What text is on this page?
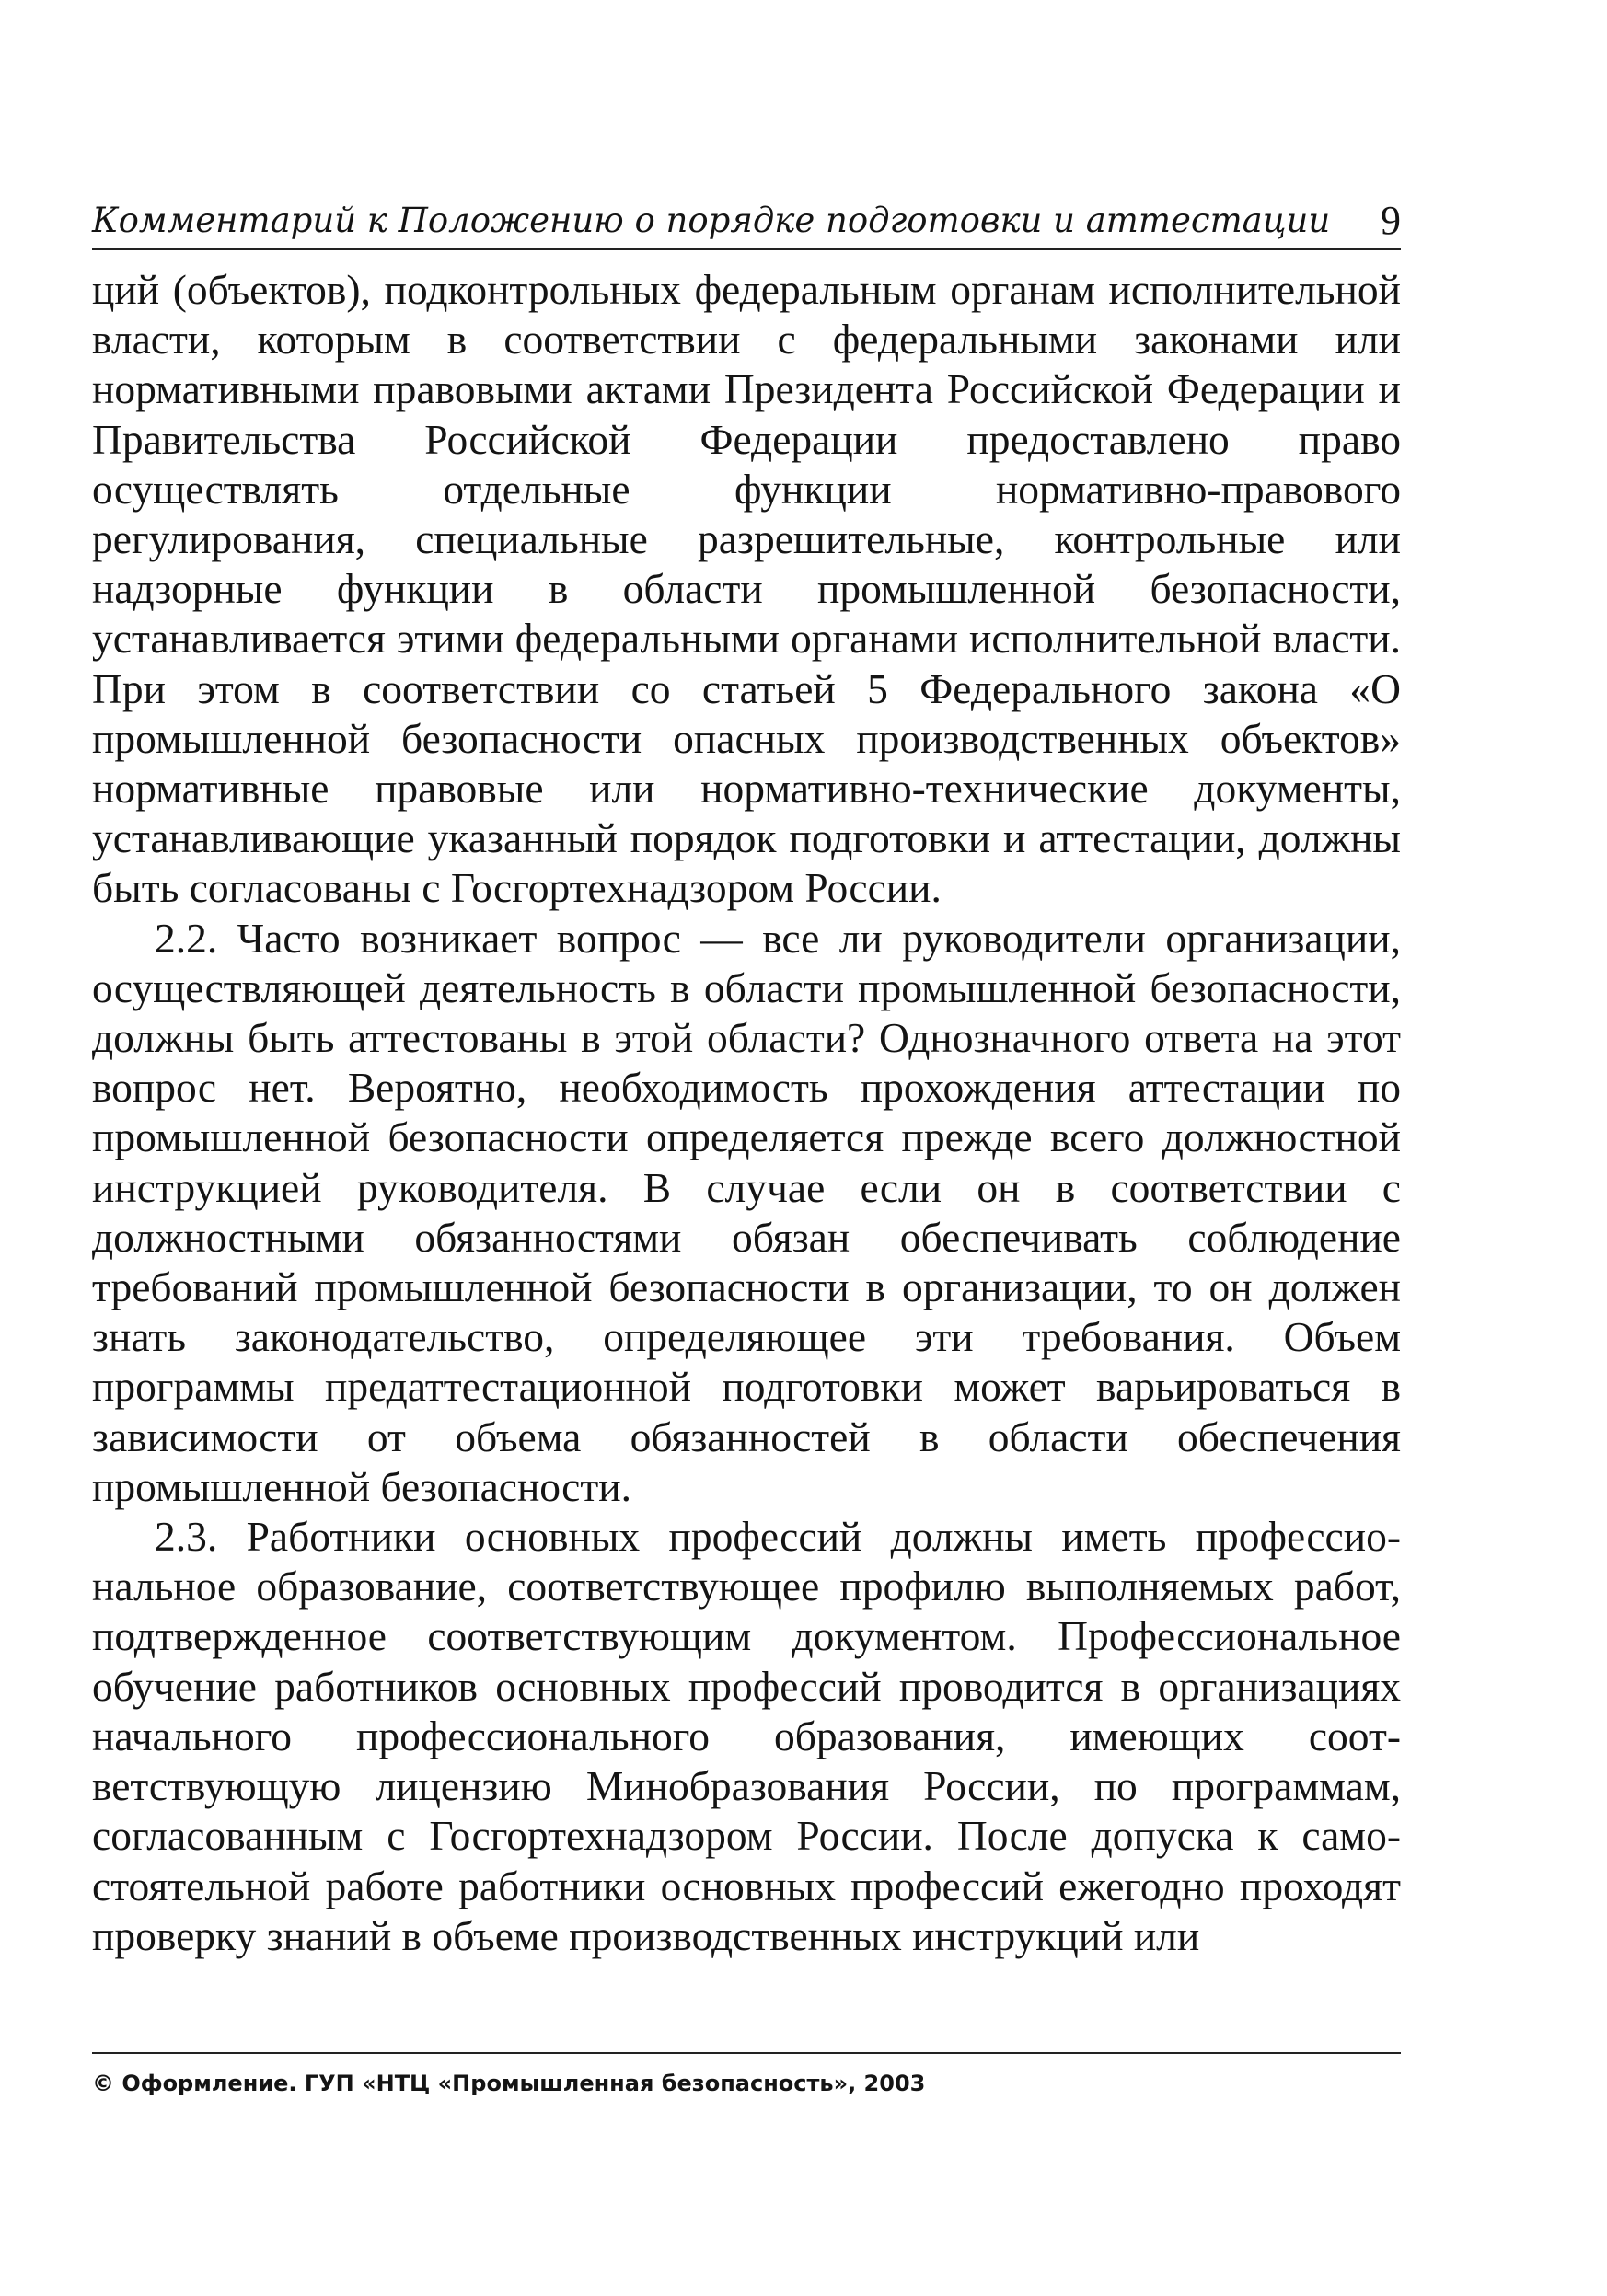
Комментарий к Положению о порядке подготовки и аттестации 9

ций (объектов), подконтрольных федеральным органам исполнительной власти, которым в соответствии с федеральными законами или нормативными правовыми актами Президента Российской Федерации и Правительства Российской Федерации предоставлено право осуществлять отдельные функции нормативно-правового регулирования, специальные разрешительные, контрольные или надзорные функции в области промышленной безопасности, устанавливается этими федеральными органами исполнительной власти. При этом в соответствии со статьей 5 Федерального закона «О промышленной безопасности опасных производственных объектов» нормативные правовые или нормативно-технические документы, устанавливающие указанный порядок подготовки и аттестации, должны быть согласованы с Госгортехнадзором России.

2.2. Часто возникает вопрос — все ли руководители организации, осуществляющей деятельность в области промышленной безопасности, должны быть аттестованы в этой области? Однозначного ответа на этот вопрос нет. Вероятно, необходимость прохождения аттестации по промышленной безопасности определяется прежде всего должностной инструкцией руководителя. В случае если он в соответствии с должностными обязанностями обязан обеспечивать соблюдение требований промышленной безопасности в организации, то он должен знать законодательство, определяющее эти требования. Объем программы предаттестационной подготовки может варьироваться в зависимости от объема обязанностей в области обеспечения промышленной безопасности.

2.3. Работники основных профессий должны иметь профессиональное образование, соответствующее профилю выполняемых работ, подтвержденное соответствующим документом. Профессиональное обучение работников основных профессий проводится в организациях начального профессионального образования, имеющих соответствующую лицензию Минобразования России, по программам, согласованным с Госгортехнадзором России. После допуска к самостоятельной работе работники основных профессий ежегодно проходят проверку знаний в объеме производственных инструкций или

© Оформление. ГУП «НТЦ «Промышленная безопасность», 2003
